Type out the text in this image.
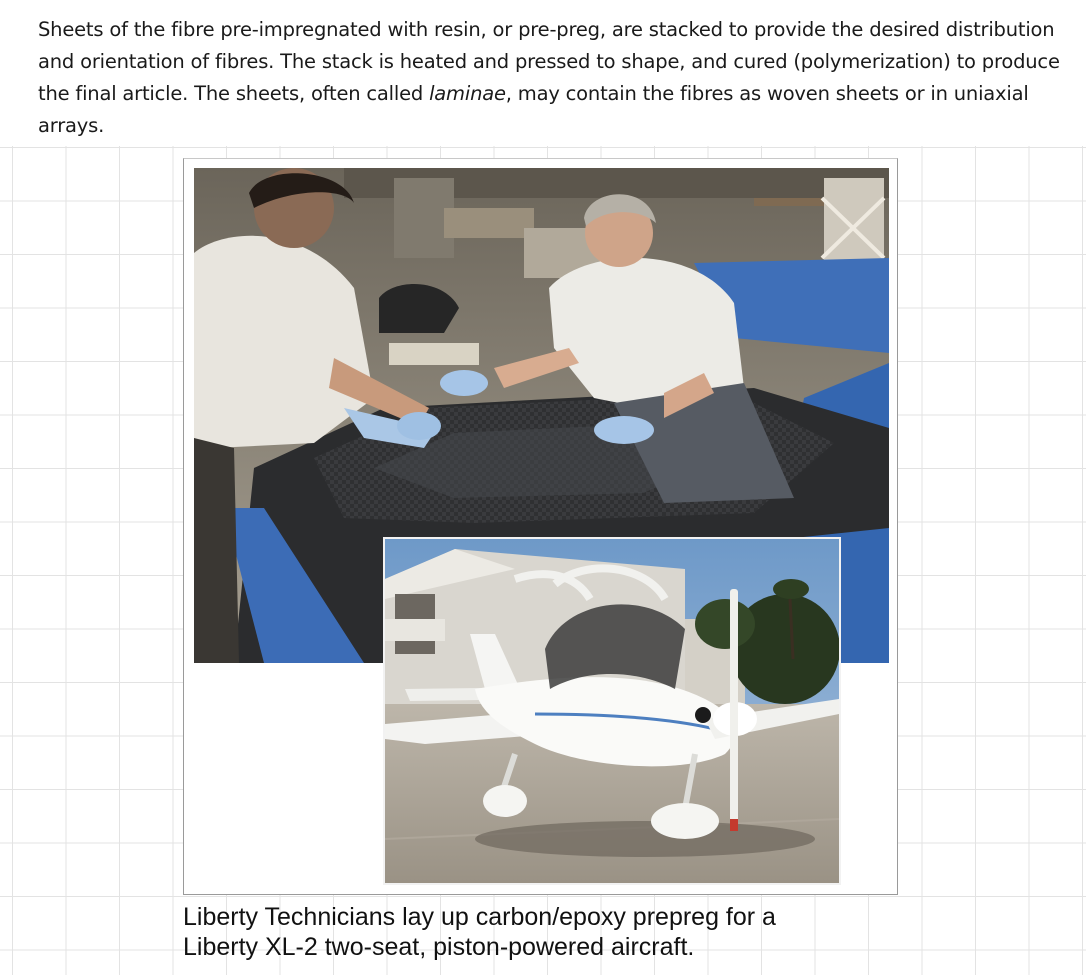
Sheets of the fibre pre-impregnated with resin, or pre-preg, are stacked to provide the desired distribution and orientation of fibres. The stack is heated and pressed to shape, and cured (polymerization) to produce the final article. The sheets, often called laminae, may contain the fibres as woven sheets or in uniaxial arrays.

Liberty Technicians lay up carbon/epoxy prepreg for a
Liberty XL-2 two-seat, piston-powered aircraft.
